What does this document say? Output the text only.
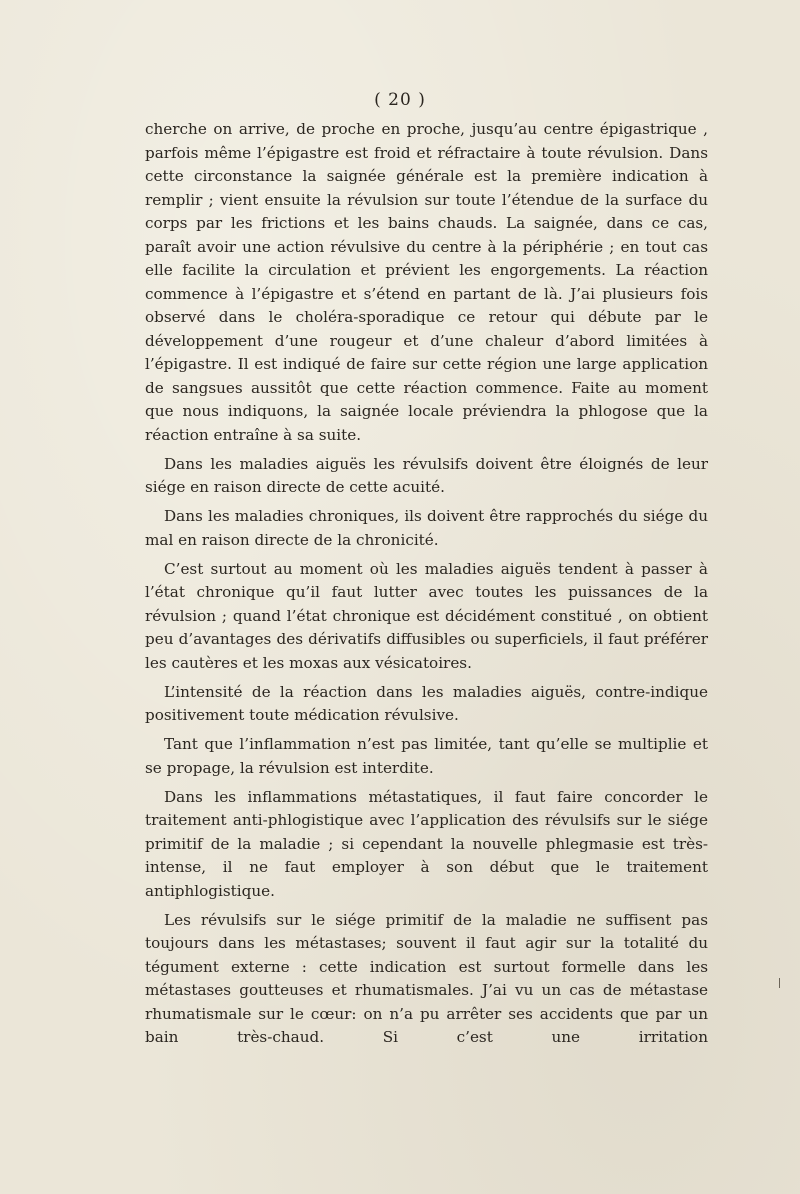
( 20 )

cherche on arrive, de proche en proche, jusqu’au centre épigastrique , parfois même l’épigastre est froid et réfractaire à toute révulsion. Dans cette circonstance la saignée générale est la première indication à remplir ; vient ensuite la révulsion sur toute l’étendue de la surface du corps par les frictions et les bains chauds. La saignée, dans ce cas, paraît avoir une action révulsive du centre à la périphérie ; en tout cas elle facilite la circulation et prévient les engorgements. La réaction commence à l’épigastre et s’étend en partant de là. J’ai plusieurs fois observé dans le choléra-sporadique ce retour qui débute par le développement d’une rougeur et d’une chaleur d’abord limitées à l’épigastre. Il est indiqué de faire sur cette région une large application de sangsues aussitôt que cette réaction commence. Faite au moment que nous indiquons, la saignée locale préviendra la phlogose que la réaction entraîne à sa suite.

Dans les maladies aiguës les révulsifs doivent être éloignés de leur siége en raison directe de cette acuité.

Dans les maladies chroniques, ils doivent être rapprochés du siége du mal en raison directe de la chronicité.

C’est surtout au moment où les maladies aiguës tendent à passer à l’état chronique qu’il faut lutter avec toutes les puissances de la révulsion ; quand l’état chronique est décidément constitué , on obtient peu d’avantages des dérivatifs diffusibles ou superficiels, il faut préférer les cautères et les moxas aux vésicatoires.

L’intensité de la réaction dans les maladies aiguës, contre-indique positivement toute médication révulsive.

Tant que l’inflammation n’est pas limitée, tant qu’elle se multiplie et se propage, la révulsion est interdite.

Dans les inflammations métastatiques, il faut faire concorder le traitement anti-phlogistique avec l’application des révulsifs sur le siége primitif de la maladie ; si cependant la nouvelle phlegmasie est très-intense, il ne faut employer à son début que le traitement antiphlogistique.

Les révulsifs sur le siége primitif de la maladie ne suffisent pas toujours dans les métastases; souvent il faut agir sur la totalité du tégument externe : cette indication est surtout formelle dans les métastases goutteuses et rhumatismales. J’ai vu un cas de métastase rhumatismale sur le cœur: on n’a pu arrêter ses accidents que par un bain très-chaud. Si c’est une irritation
